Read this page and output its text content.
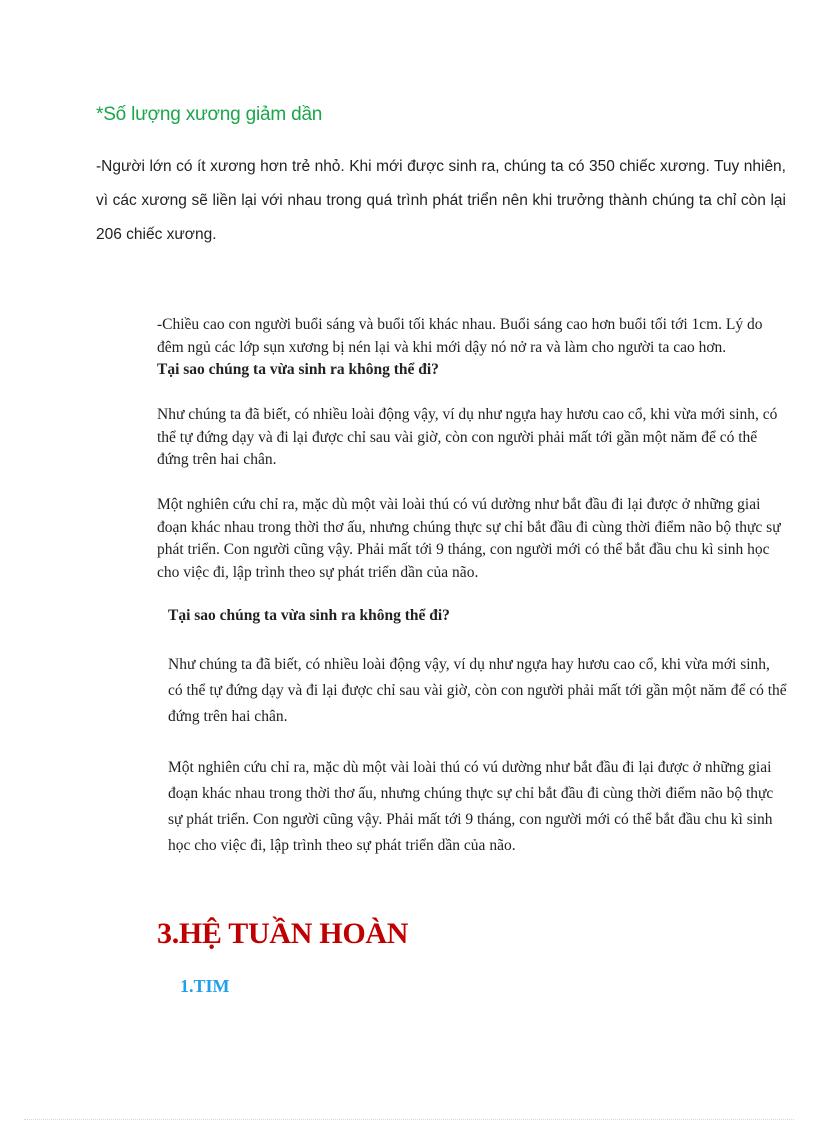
*Số lượng xương giảm dần

-Người lớn có ít xương hơn trẻ nhỏ. Khi mới được sinh ra, chúng ta có 350 chiếc xương. Tuy nhiên, vì các xương sẽ liền lại với nhau trong quá trình phát triển nên khi trưởng thành chúng ta chỉ còn lại 206 chiếc xương.

-Chiều cao con người buổi sáng và buổi tối khác nhau. Buổi sáng cao hơn buổi tối tới 1cm. Lý do đêm ngủ các lớp sụn xương bị nén lại và khi mới dậy nó nở ra và làm cho người ta cao hơn.

Tại sao chúng ta vừa sinh ra không thể đi?

Như chúng ta đã biết, có nhiều loài động vậy, ví dụ như ngựa hay hươu cao cổ, khi vừa mới sinh, có thể tự đứng dạy và đi lại được chỉ sau vài giờ, còn con người phải mất tới gần một năm để có thể đứng trên hai chân.

Một nghiên cứu chỉ ra, mặc dù một vài loài thú có vú dường như bắt đầu đi lại được ở những giai đoạn khác nhau trong thời thơ ấu, nhưng chúng thực sự chỉ bắt đầu đi cùng thời điểm não bộ thực sự phát triển. Con người cũng vậy. Phải mất tới 9 tháng, con người mới có thể bắt đầu chu kì sinh học cho việc đi, lập trình theo sự phát triển dần của não.

Tại sao chúng ta vừa sinh ra không thể đi?

Như chúng ta đã biết, có nhiều loài động vậy, ví dụ như ngựa hay hươu cao cổ, khi vừa mới sinh, có thể tự đứng dạy và đi lại được chỉ sau vài giờ, còn con người phải mất tới gần một năm để có thể đứng trên hai chân.

Một nghiên cứu chỉ ra, mặc dù một vài loài thú có vú dường như bắt đầu đi lại được ở những giai đoạn khác nhau trong thời thơ ấu, nhưng chúng thực sự chỉ bắt đầu đi cùng thời điểm não bộ thực sự phát triển. Con người cũng vậy. Phải mất tới 9 tháng, con người mới có thể bắt đầu chu kì sinh học cho việc đi, lập trình theo sự phát triển dần của não.

3.HỆ TUẦN HOÀN
1.TIM
